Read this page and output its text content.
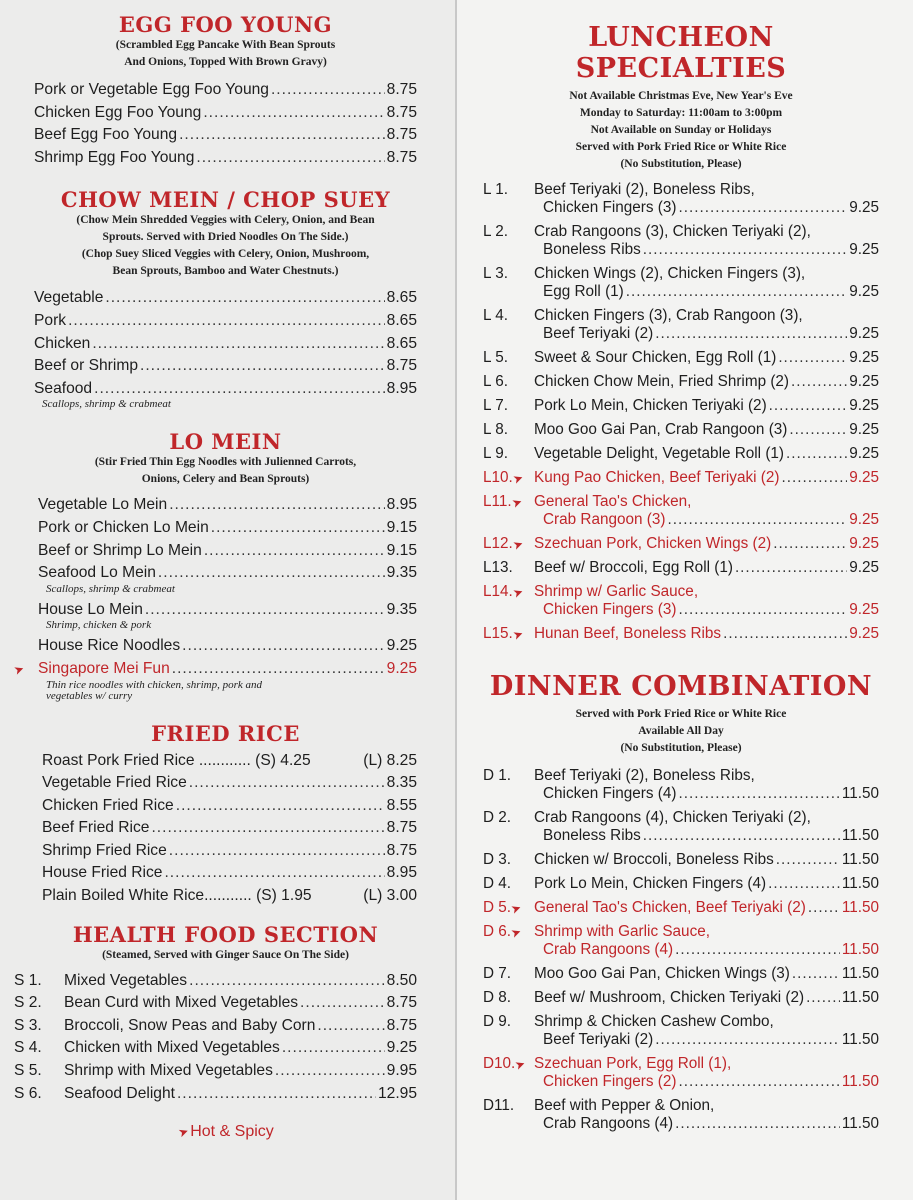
EGG FOO YOUNG
(Scrambled Egg Pancake With Bean Sprouts
And Onions, Topped With Brown Gravy)
Pork or Vegetable Egg Foo Young .....	8.75
Chicken Egg Foo Young .....	8.75
Beef Egg Foo Young .....	8.75
Shrimp Egg Foo Young .....	8.75
CHOW MEIN / CHOP SUEY
(Chow Mein Shredded Veggies with Celery, Onion, and Bean
Sprouts. Served with Dried Noodles On The Side.)
(Chop Suey Sliced Veggies with Celery, Onion, Mushroom,
Bean Sprouts, Bamboo and Water Chestnuts.)
Vegetable .....	8.65
Pork .....	8.65
Chicken .....	8.65
Beef or Shrimp .....	8.75
Seafood .....	8.95
Scallops, shrimp & crabmeat
LO MEIN
(Stir Fried Thin Egg Noodles with Julienned Carrots,
Onions, Celery and Bean Sprouts)
Vegetable Lo Mein .....	8.95
Pork or Chicken Lo Mein .....	9.15
Beef or Shrimp Lo Mein .....	9.15
Seafood Lo Mein .....	9.35
Scallops, shrimp & crabmeat
House Lo Mein .....	9.35
Shrimp, chicken & pork
House Rice Noodles .....	9.25
➤ Singapore Mei Fun .....	9.25
Thin rice noodles with chicken, shrimp, pork and
vegetables w/ curry
FRIED RICE
Roast Pork Fried Rice ............ (S) 4.25	(L) 8.25
Vegetable Fried Rice .....	8.35
Chicken Fried Rice .....	8.55
Beef Fried Rice .....	8.75
Shrimp Fried Rice .....	8.75
House Fried Rice .....	8.95
Plain Boiled White Rice........... (S) 1.95	(L) 3.00
HEALTH FOOD SECTION
(Steamed, Served with Ginger Sauce On The Side)
S 1.	Mixed Vegetables .....	8.50
S 2.	Bean Curd with Mixed Vegetables .....	8.75
S 3.	Broccoli, Snow Peas and Baby Corn .....	8.75
S 4.	Chicken with Mixed Vegetables .....	9.25
S 5.	Shrimp with Mixed Vegetables .....	9.95
S 6.	Seafood Delight .....	12.95
➤Hot & Spicy
LUNCHEON SPECIALTIES
Not Available Christmas Eve, New Year's Eve
Monday to Saturday: 11:00am to 3:00pm
Not Available on Sunday or Holidays
Served with Pork Fried Rice or White Rice
(No Substitution, Please)
L 1.	Beef Teriyaki (2), Boneless Ribs,
Chicken Fingers (3) .....	9.25
L 2.	Crab Rangoons (3), Chicken Teriyaki (2),
Boneless Ribs .....	9.25
L 3.	Chicken Wings (2), Chicken Fingers (3),
Egg Roll (1) .....	9.25
L 4.	Chicken Fingers (3), Crab Rangoon (3),
Beef Teriyaki (2) .....	9.25
L 5.	Sweet & Sour Chicken, Egg Roll (1) .....	9.25
L 6.	Chicken Chow Mein, Fried Shrimp (2) .....	9.25
L 7.	Pork Lo Mein, Chicken Teriyaki (2) .....	9.25
L 8.	Moo Goo Gai Pan, Crab Rangoon (3) .....	9.25
L 9.	Vegetable Delight, Vegetable Roll (1) .....	9.25
L10.➤ Kung Pao Chicken, Beef Teriyaki (2) .....	9.25
L11.➤ General Tao's Chicken,
Crab Rangoon (3) .....	9.25
L12.➤ Szechuan Pork, Chicken Wings (2) .....	9.25
L13.	Beef w/ Broccoli, Egg Roll (1) .....	9.25
L14.➤ Shrimp w/ Garlic Sauce,
Chicken Fingers (3) .....	9.25
L15.➤ Hunan Beef, Boneless Ribs .....	9.25
DINNER COMBINATION
Served with Pork Fried Rice or White Rice
Available All Day
(No Substitution, Please)
D 1.	Beef Teriyaki (2), Boneless Ribs,
Chicken Fingers (4) .....	11.50
D 2.	Crab Rangoons (4), Chicken Teriyaki (2),
Boneless Ribs .....	11.50
D 3.	Chicken w/ Broccoli, Boneless Ribs .....	11.50
D 4.	Pork Lo Mein, Chicken Fingers (4) .....	11.50
D 5.➤ General Tao's Chicken, Beef Teriyaki (2) ..... 11.50
D 6.➤ Shrimp with Garlic Sauce,
Crab Rangoons (4) .....	11.50
D 7.	Moo Goo Gai Pan, Chicken Wings (3) .....	11.50
D 8.	Beef w/ Mushroom, Chicken Teriyaki (2) ..... 11.50
D 9.	Shrimp & Chicken Cashew Combo,
Beef Teriyaki (2) .....	11.50
D10.➤ Szechuan Pork, Egg Roll (1),
Chicken Fingers (2) .....	11.50
D11.	Beef with Pepper & Onion,
Crab Rangoons (4) .....	11.50
